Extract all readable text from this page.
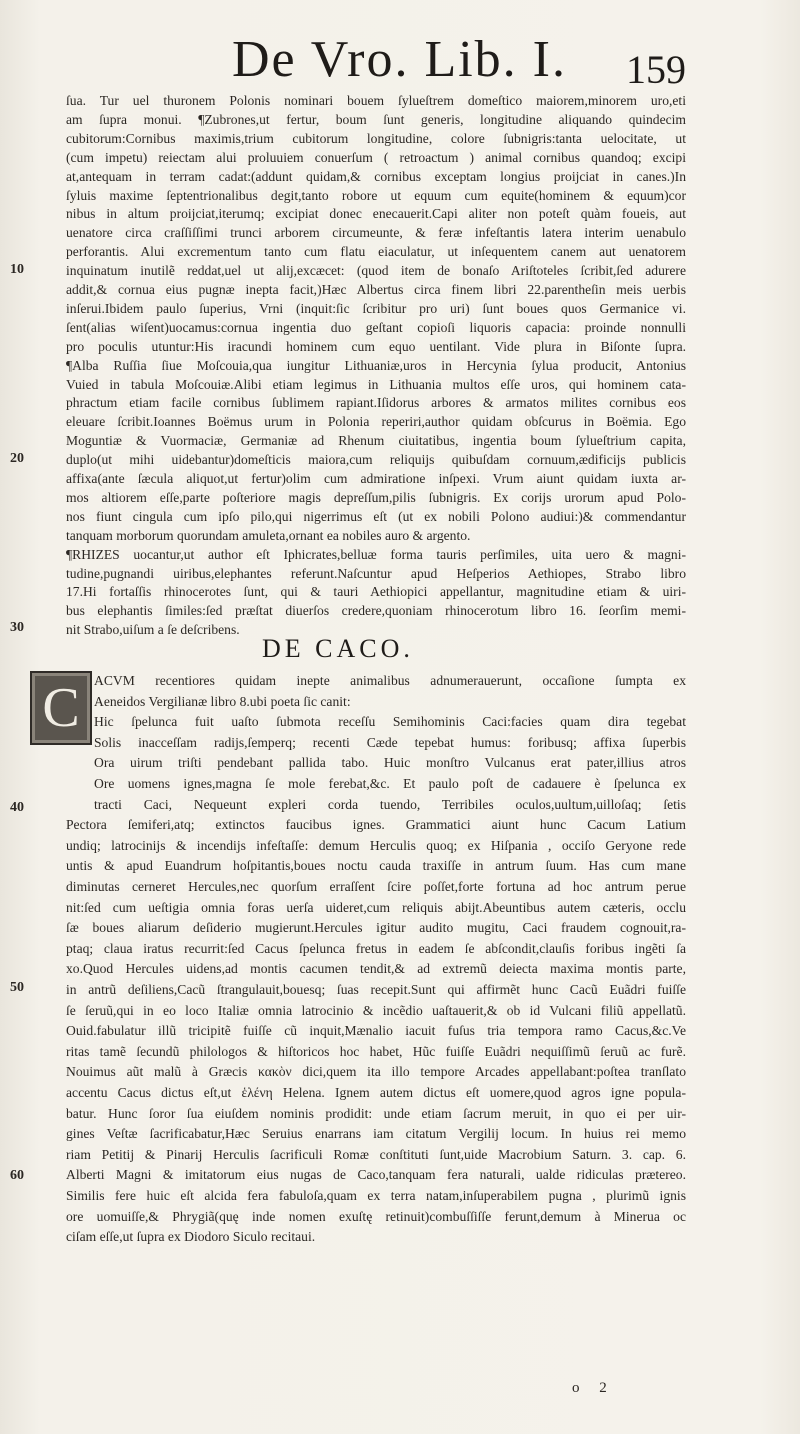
De Vro. Lib. I. 159
ſua. Tur uel thuronem Polonis nominari bouem ſylueſtrem domeſtico maiorem,minorem uro,eti
am ſupra monui. ¶Zubrones,ut fertur, boum ſunt generis, longitudine aliquando quindecim
cubitorum:Cornibus maximis,trium cubitorum longitudine, colore ſubnigris:tanta uelocitate, ut
(cum impetu) reiectam alui proluuiem conuerſum ( retroactum ) animal cornibus quandoq; excipi
at,antequam in terram cadat:(addunt quidam,& cornibus exceptam longius proijciat in canes.)In
ſyluis maxime ſeptentrionalibus degit,tanto robore ut equum cum equite(hominem & equum)cor
nibus in altum proijciat,iterumq; excipiat donec enecauerit.Capi aliter non poteſt quàm foueis, aut
uenatore circa craſſiſſimi trunci arborem circumeunte, & feræ infeſtantis latera interim uenabulo
perforantis. Alui excrementum tanto cum flatu eiaculatur, ut inſequentem canem aut uenatorem
inquinatum inutilẽ reddat,uel ut alij,excæcet: (quod item de bonaſo Ariſtoteles ſcribit,ſed adurere
addit,& cornua eius pugnæ inepta facit,)Hæc Albertus circa finem libri 22.parentheſin meis uerbis
inſerui.Ibidem paulo ſuperius, Vrni (inquit:ſic ſcribitur pro uri) ſunt boues quos Germanice vi.
ſent(alias wiſent)uocamus:cornua ingentia duo geſtant copioſi liquoris capacia: proinde nonnulli
pro poculis utuntur:His iracundi hominem cum equo uentilant. Vide plura in Biſonte ſupra.
¶Alba Ruſſia ſiue Moſcouia,qua iungitur Lithuaniæ,uros in Hercynia ſylua producit, Antonius
Vuied in tabula Moſcouiæ.Alibi etiam legimus in Lithuania multos eſſe uros, qui hominem cata-
phractum etiam facile cornibus ſublimem rapiant.Iſidorus arbores & armatos milites cornibus eos
eleuare ſcribit.Ioannes Boëmus urum in Polonia reperiri,author quidam obſcurus in Boëmia. Ego
Moguntiæ & Vuormaciæ, Germaniæ ad Rhenum ciuitatibus, ingentia boum ſylueſtrium capita,
duplo(ut mihi uidebantur)domeſticis maiora,cum reliquijs quibuſdam cornuum,ædificijs publicis
affixa(ante ſæcula aliquot,ut fertur)olim cum admiratione inſpexi. Vrum aiunt quidam iuxta ar-
mos altiorem eſſe,parte poſteriore magis depreſſum,pilis ſubnigris. Ex corijs urorum apud Polo-
nos fiunt cingula cum ipſo pilo,qui nigerrimus eſt (ut ex nobili Polono audiui:)& commendantur
tanquam morborum quorundam amuleta,ornant ea nobiles auro & argento.
¶RHIZES uocantur,ut author eſt Iphicrates,belluæ forma tauris perſimiles, uita uero & magni-
tudine,pugnandi uiribus,elephantes referunt.Naſcuntur apud Heſperios Aethiopes, Strabo libro
17.Hi fortaſſis rhinocerotes ſunt, qui & tauri Aethiopici appellantur, magnitudine etiam & uiri-
bus elephantis ſimiles:ſed præſtat diuerſos credere,quoniam rhinocerotum libro 16. ſeorſim memi-
nit Strabo,uiſum a ſe deſcribens.
DE CACO.
C	ACVM recentiores quidam inepte animalibus adnumerauerunt, occaſione ſumpta ex
Aeneidos Vergilianæ libro 8.ubi poeta ſic canit:
Hic ſpelunca fuit uaſto ſubmota receſſu Semihominis Caci:facies quam dira tegebat
Solis inacceſſam radijs,ſemperq; recenti Cæde tepebat humus: foribusq; affixa ſuperbis
Ora uirum triſti pendebant pallida tabo. Huic monſtro Vulcanus erat pater,illius atros
Ore uomens ignes,magna ſe mole ferebat,&c. Et paulo poſt de cadauere è ſpelunca ex
tracti Caci, Nequeunt expleri corda tuendo, Terribiles oculos,uultum,uilloſaq; ſetis
Pectora ſemiferi,atq; extinctos faucibus ignes. Grammatici aiunt hunc Cacum Latium
undiq; latrocinijs & incendijs infeſtaſſe: demum Herculis quoq; ex Hiſpania , occiſo Geryone rede
untis & apud Euandrum hoſpitantis,boues noctu cauda traxiſſe in antrum ſuum. Has cum mane
diminutas cerneret Hercules,nec quorſum erraſſent ſcire poſſet,forte fortuna ad hoc antrum perue
nit:ſed cum ueſtigia omnia foras uerſa uideret,cum reliquis abijt.Abeuntibus autem cæteris, occlu
ſæ boues aliarum deſiderio mugierunt.Hercules igitur audito mugitu, Caci fraudem cognouit,ra-
ptaq; claua iratus recurrit:ſed Cacus ſpelunca fretus in eadem ſe abſcondit,clauſis foribus ingẽti ſa
xo.Quod Hercules uidens,ad montis cacumen tendit,& ad extremũ deiecta maxima montis parte,
in antrũ deſiliens,Cacũ ſtrangulauit,bouesq; ſuas recepit.Sunt qui affirmẽt hunc Cacũ Euãdri fuiſſe
ſe ſeruũ,qui in eo loco Italiæ omnia latrocinio & incẽdio uaſtauerit,& ob id Vulcani filiũ appellatũ.
Ouid.fabulatur illũ tricipitẽ fuiſſe cũ inquit,Mænalio iacuit fuſus tria tempora ramo Cacus,&c.Ve
ritas tamẽ ſecundũ philologos & hiſtoricos hoc habet, Hũc fuiſſe Euãdri nequiſſimũ ſeruũ ac furẽ.
Nouimus aũt malũ à Græcis κακὸν dici,quem ita illo tempore Arcades appellabant:poſtea tranſlato
accentu Cacus dictus eſt,ut ἑλένη Helena. Ignem autem dictus eſt uomere,quod agros igne popula-
batur. Hunc ſoror ſua eiuſdem nominis prodidit: unde etiam ſacrum meruit, in quo ei per uir-
gines Veſtæ ſacrificabatur,Hæc Seruius enarrans iam citatum Vergilij locum. In huius rei memo
riam Petitij & Pinarij Herculis ſacrificuli Romæ conſtituti ſunt,uide Macrobium Saturn. 3. cap. 6.
Alberti Magni & imitatorum eius nugas de Caco,tanquam fera naturali, ualde ridiculas prætereo.
Similis fere huic eſt alcida fera fabuloſa,quam ex terra natam,inſuperabilem pugna , plurimũ ignis
ore uomuiſſe,& Phrygiã(quę inde nomen exuſtę retinuit)combuſſiſſe ferunt,demum à Minerua oc
ciſam eſſe,ut ſupra ex Diodoro Siculo recitaui.
10
20
30
40
50
60
o 2
